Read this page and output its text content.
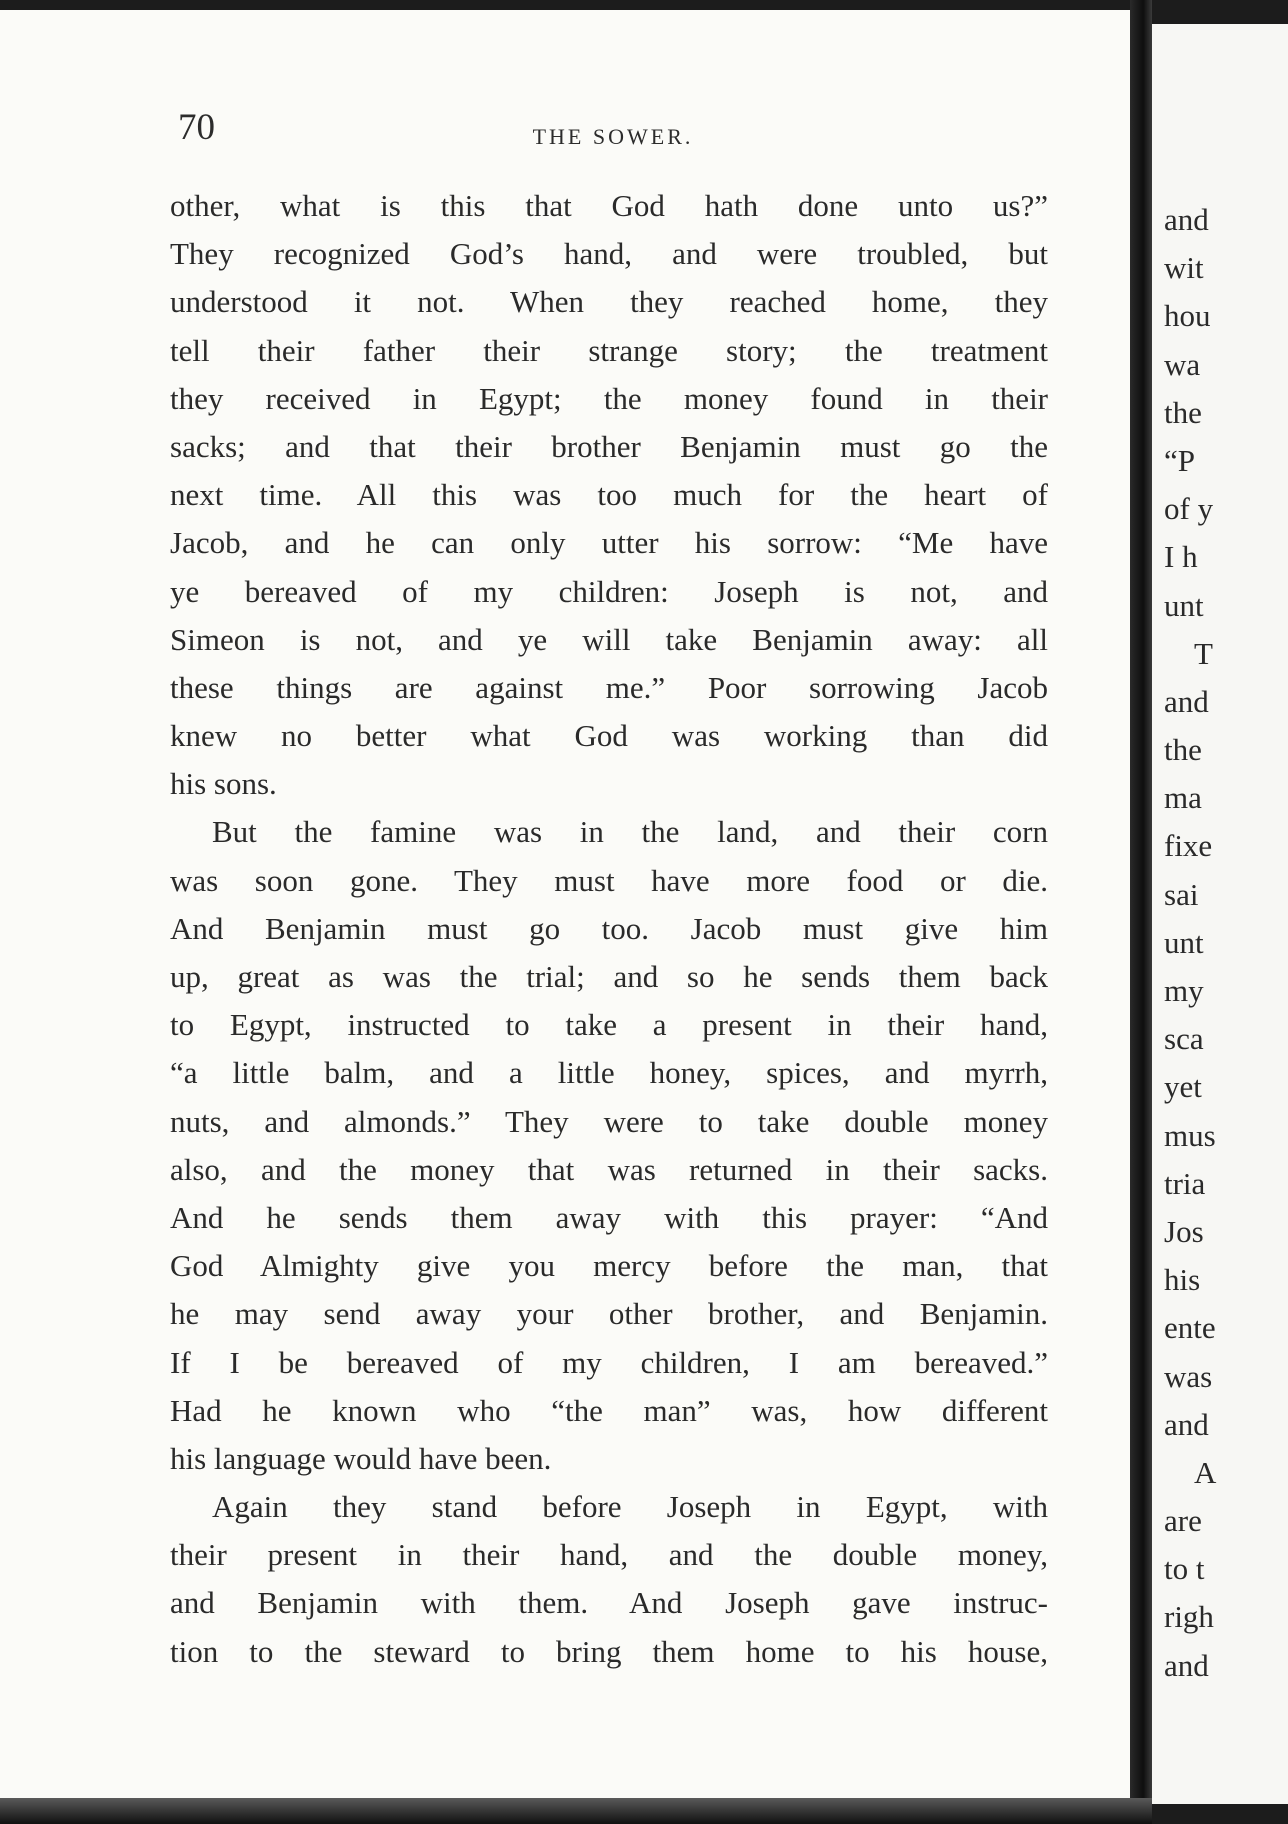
70	THE SOWER.
other, what is this that God hath done unto us?”
They recognized God’s hand, and were troubled, but
understood it not. When they reached home, they
tell their father their strange story; the treatment
they received in Egypt; the money found in their
sacks; and that their brother Benjamin must go the
next time. All this was too much for the heart of
Jacob, and he can only utter his sorrow: “Me have
ye bereaved of my children: Joseph is not, and
Simeon is not, and ye will take Benjamin away: all
these things are against me.” Poor sorrowing Jacob
knew no better what God was working than did
his sons.
But the famine was in the land, and their corn
was soon gone. They must have more food or die.
And Benjamin must go too. Jacob must give him
up, great as was the trial; and so he sends them back
to Egypt, instructed to take a present in their hand,
“a little balm, and a little honey, spices, and myrrh,
nuts, and almonds.” They were to take double money
also, and the money that was returned in their sacks.
And he sends them away with this prayer: “And
God Almighty give you mercy before the man, that
he may send away your other brother, and Benjamin.
If I be bereaved of my children, I am bereaved.”
Had he known who “the man” was, how different
his language would have been.
Again they stand before Joseph in Egypt, with
their present in their hand, and the double money,
and Benjamin with them. And Joseph gave instruc-
tion to the steward to bring them home to his house,
and
wit
hou
wa
the
“P
of y
I h
unt
T
and
the
ma
fixe
sai
unt
my
sca
yet
mus
tria
Jos
his
ente
was
and
A
are
to t
righ
and
